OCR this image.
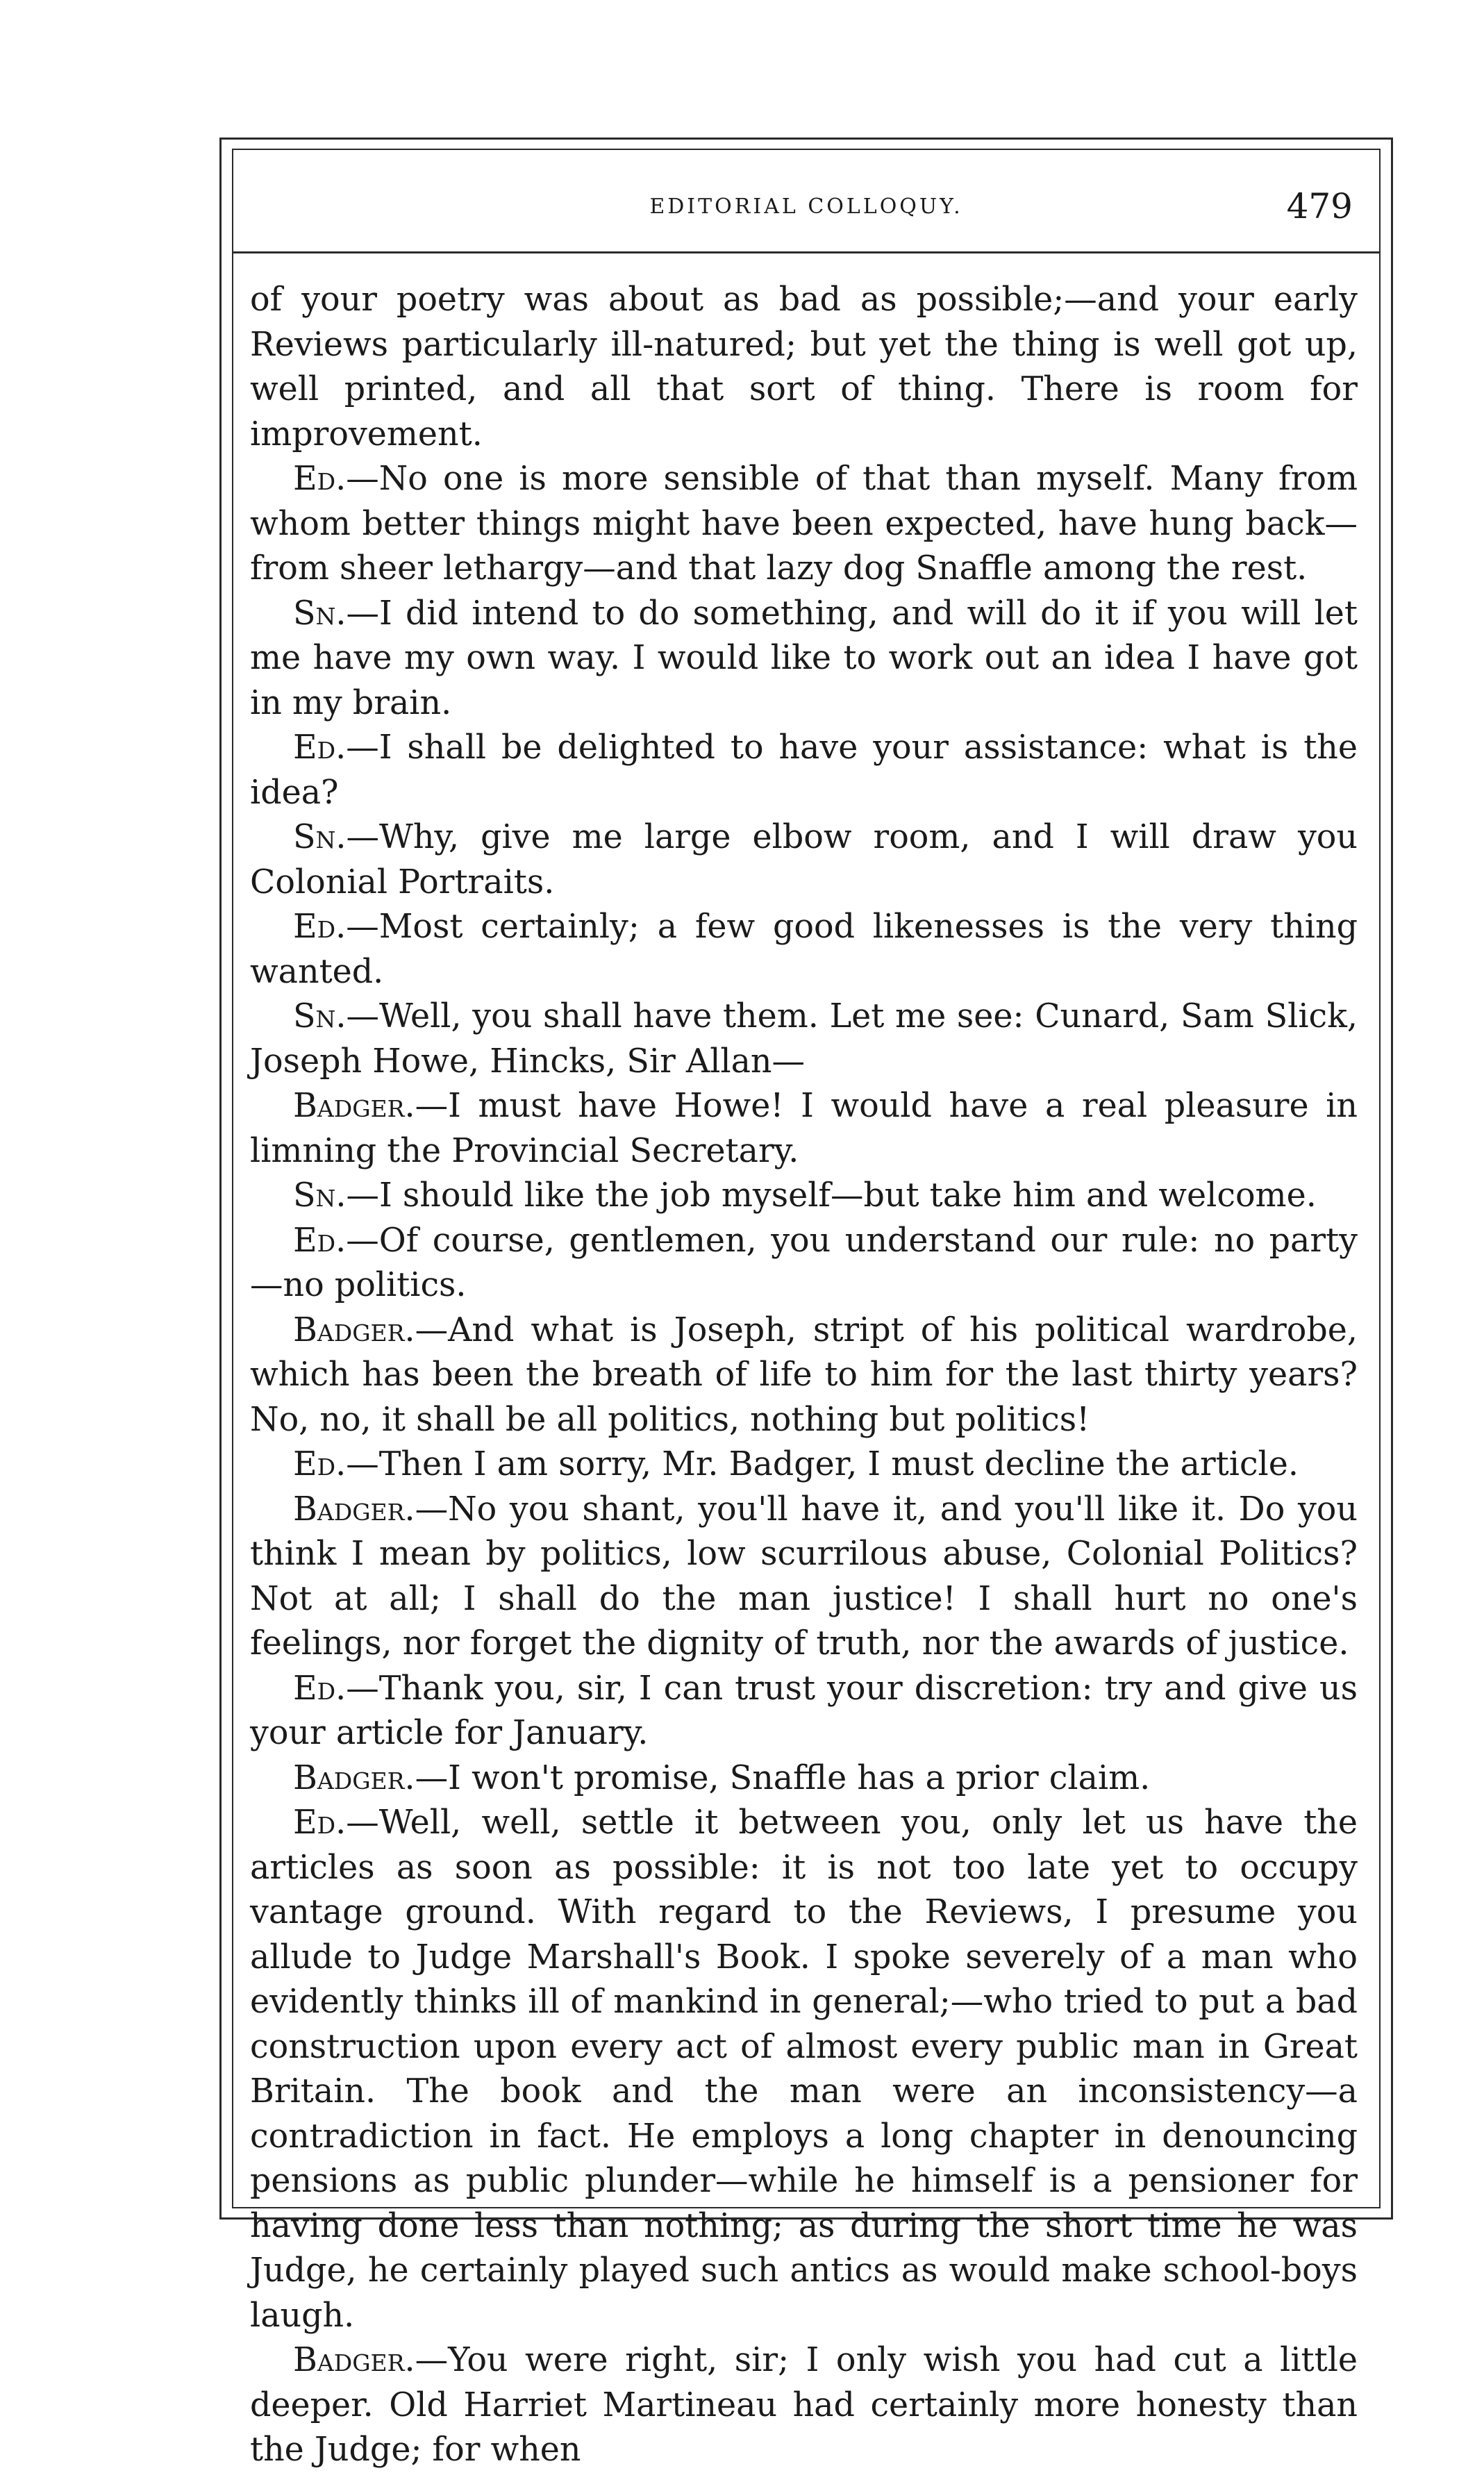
EDITORIAL COLLOQUY.	479

of your poetry was about as bad as possible;—and your early Reviews particularly ill-natured; but yet the thing is well got up, well printed, and all that sort of thing. There is room for improvement.

Ed.—No one is more sensible of that than myself. Many from whom better things might have been expected, have hung back—from sheer lethargy—and that lazy dog Snaffle among the rest.

Sn.—I did intend to do something, and will do it if you will let me have my own way. I would like to work out an idea I have got in my brain.

Ed.—I shall be delighted to have your assistance: what is the idea?

Sn.—Why, give me large elbow room, and I will draw you Colonial Portraits.

Ed.—Most certainly; a few good likenesses is the very thing wanted.

Sn.—Well, you shall have them. Let me see: Cunard, Sam Slick, Joseph Howe, Hincks, Sir Allan—

Badger.—I must have Howe! I would have a real pleasure in limning the Provincial Secretary.

Sn.—I should like the job myself—but take him and welcome.

Ed.—Of course, gentlemen, you understand our rule: no party—no politics.

Badger.—And what is Joseph, stript of his political wardrobe, which has been the breath of life to him for the last thirty years? No, no, it shall be all politics, nothing but politics!

Ed.—Then I am sorry, Mr. Badger, I must decline the article.

Badger.—No you shant, you'll have it, and you'll like it. Do you think I mean by politics, low scurrilous abuse, Colonial Politics? Not at all; I shall do the man justice! I shall hurt no one's feelings, nor forget the dignity of truth, nor the awards of justice.

Ed.—Thank you, sir, I can trust your discretion: try and give us your article for January.

Badger.—I won't promise, Snaffle has a prior claim.

Ed.—Well, well, settle it between you, only let us have the articles as soon as possible: it is not too late yet to occupy vantage ground. With regard to the Reviews, I presume you allude to Judge Marshall's Book. I spoke severely of a man who evidently thinks ill of mankind in general;—who tried to put a bad construction upon every act of almost every public man in Great Britain. The book and the man were an inconsistency—a contradiction in fact. He employs a long chapter in denouncing pensions as public plunder—while he himself is a pensioner for having done less than nothing; as during the short time he was Judge, he certainly played such antics as would make school-boys laugh.

Badger.—You were right, sir; I only wish you had cut a little deeper. Old Harriet Martineau had certainly more honesty than the Judge; for when
